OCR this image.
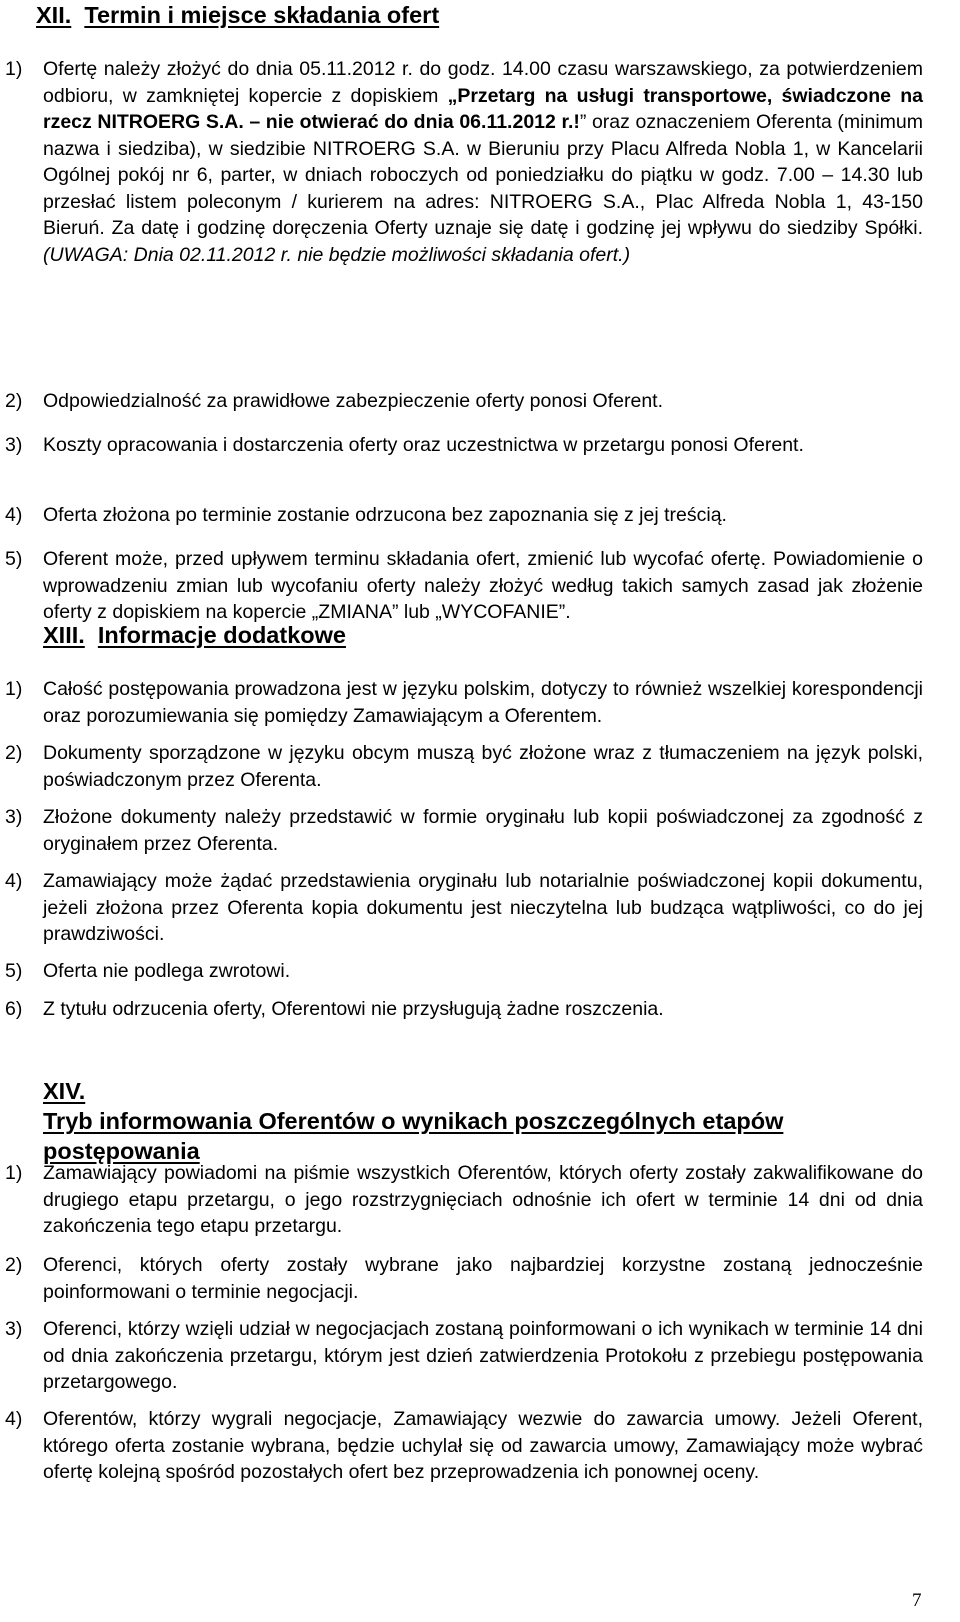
XII. Termin i miejsce składania ofert
1) Ofertę należy złożyć do dnia 05.11.2012 r. do godz. 14.00 czasu warszawskiego, za potwierdzeniem odbioru, w zamkniętej kopercie z dopiskiem „Przetarg na usługi transportowe, świadczone na rzecz NITROERG S.A. – nie otwierać do dnia 06.11.2012 r.!” oraz oznaczeniem Oferenta (minimum nazwa i siedziba), w siedzibie NITROERG S.A. w Bieruniu przy Placu Alfreda Nobla 1, w Kancelarii Ogólnej pokój nr 6, parter, w dniach roboczych od poniedziałku do piątku w godz. 7.00 – 14.30 lub przesłać listem poleconym / kurierem na adres: NITROERG S.A., Plac Alfreda Nobla 1, 43-150 Bieruń. Za datę i godzinę doręczenia Oferty uznaje się datę i godzinę jej wpływu do siedziby Spółki. (UWAGA: Dnia 02.11.2012 r. nie będzie możliwości składania ofert.)
2) Odpowiedzialność za prawidłowe zabezpieczenie oferty ponosi Oferent.
3) Koszty opracowania i dostarczenia oferty oraz uczestnictwa w przetargu ponosi Oferent.
4) Oferta złożona po terminie zostanie odrzucona bez zapoznania się z jej treścią.
5) Oferent może, przed upływem terminu składania ofert, zmienić lub wycofać ofertę. Powiadomienie o wprowadzeniu zmian lub wycofaniu oferty należy złożyć według takich samych zasad jak złożenie oferty z dopiskiem na kopercie „ZMIANA” lub „WYCOFANIE”.
XIII. Informacje dodatkowe
1) Całość postępowania prowadzona jest w języku polskim, dotyczy to również wszelkiej korespondencji oraz porozumiewania się pomiędzy Zamawiającym a Oferentem.
2) Dokumenty sporządzone w języku obcym muszą być złożone wraz z tłumaczeniem na język polski, poświadczonym przez Oferenta.
3) Złożone dokumenty należy przedstawić w formie oryginału lub kopii poświadczonej za zgodność z oryginałem przez Oferenta.
4) Zamawiający może żądać przedstawienia oryginału lub notarialnie poświadczonej kopii dokumentu, jeżeli złożona przez Oferenta kopia dokumentu jest nieczytelna lub budząca wątpliwości, co do jej prawdziwości.
5) Oferta nie podlega zwrotowi.
6) Z tytułu odrzucenia oferty, Oferentowi nie przysługują żadne roszczenia.
XIV.Tryb informowania Oferentów o wynikach poszczególnych etapów postępowania
1) Zamawiający powiadomi na piśmie wszystkich Oferentów, których oferty zostały zakwalifikowane do drugiego etapu przetargu, o jego rozstrzygnięciach odnośnie ich ofert w terminie 14 dni od dnia zakończenia tego etapu przetargu.
2) Oferenci, których oferty zostały wybrane jako najbardziej korzystne zostaną jednocześnie poinformowani o terminie negocjacji.
3) Oferenci, którzy wzięli udział w negocjacjach zostaną poinformowani o ich wynikach w terminie 14 dni od dnia zakończenia przetargu, którym jest dzień zatwierdzenia Protokołu z przebiegu postępowania przetargowego.
4) Oferentów, którzy wygrali negocjacje, Zamawiający wezwie do zawarcia umowy. Jeżeli Oferent, którego oferta zostanie wybrana, będzie uchylał się od zawarcia umowy, Zamawiający może wybrać ofertę kolejną spośród pozostałych ofert bez przeprowadzenia ich ponownej oceny.
7
